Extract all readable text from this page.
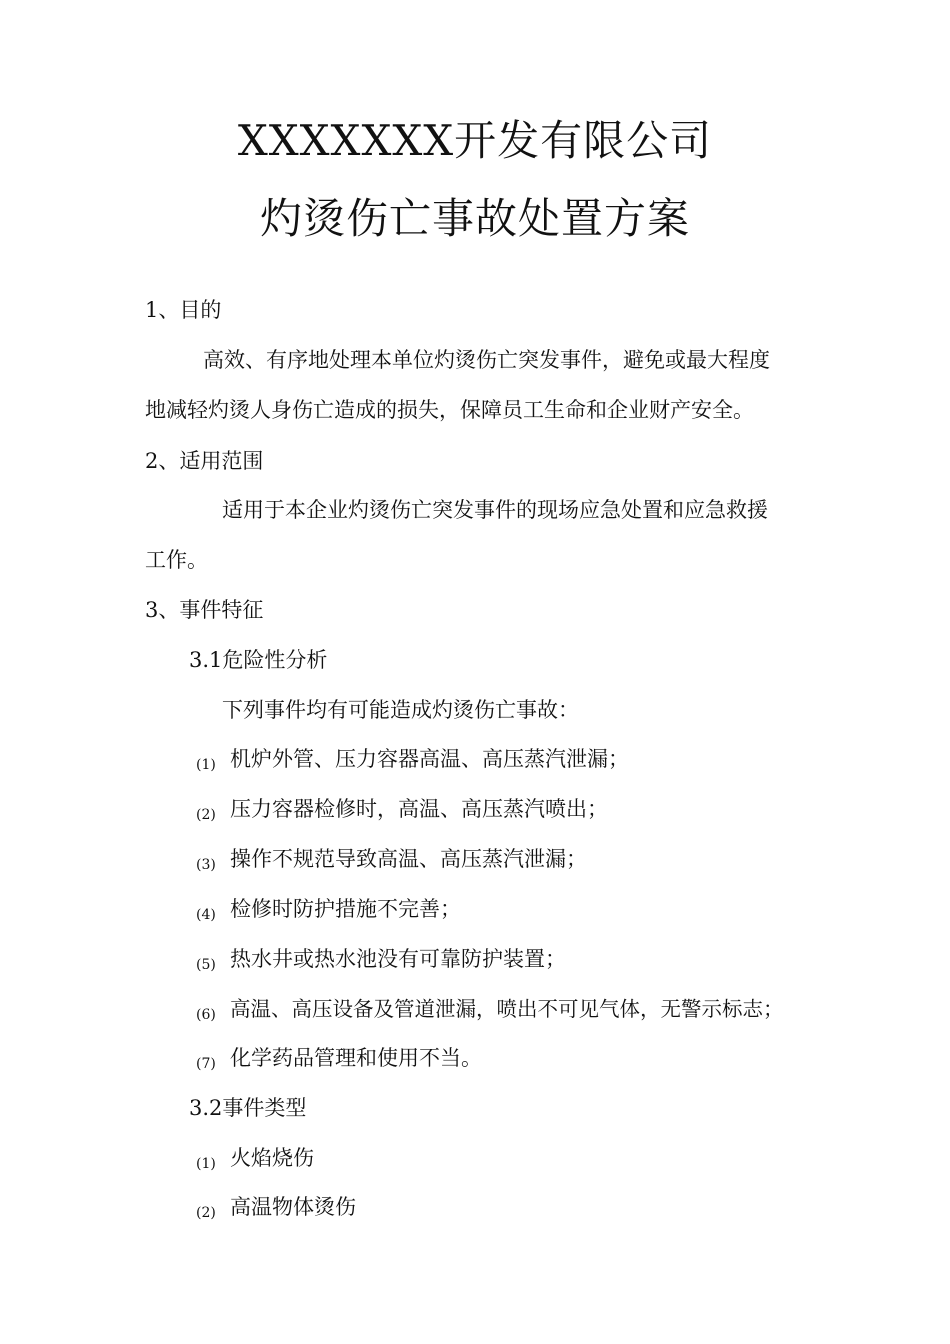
XXXXXXX开发有限公司
灼烫伤亡事故处置方案
1、目的
高效、有序地处理本单位灼烫伤亡突发事件，避免或最大程度
地减轻灼烫人身伤亡造成的损失，保障员工生命和企业财产安全。
2、适用范围
适用于本企业灼烫伤亡突发事件的现场应急处置和应急救援
工作。
3、事件特征
3.1危险性分析
下列事件均有可能造成灼烫伤亡事故：
(1) 机炉外管、压力容器高温、高压蒸汽泄漏；
(2) 压力容器检修时，高温、高压蒸汽喷出；
(3) 操作不规范导致高温、高压蒸汽泄漏；
(4) 检修时防护措施不完善；
(5) 热水井或热水池没有可靠防护装置；
(6) 高温、高压设备及管道泄漏，喷出不可见气体，无警示标志；
(7) 化学药品管理和使用不当。
3.2事件类型
(1) 火焰烧伤
(2) 高温物体烫伤
